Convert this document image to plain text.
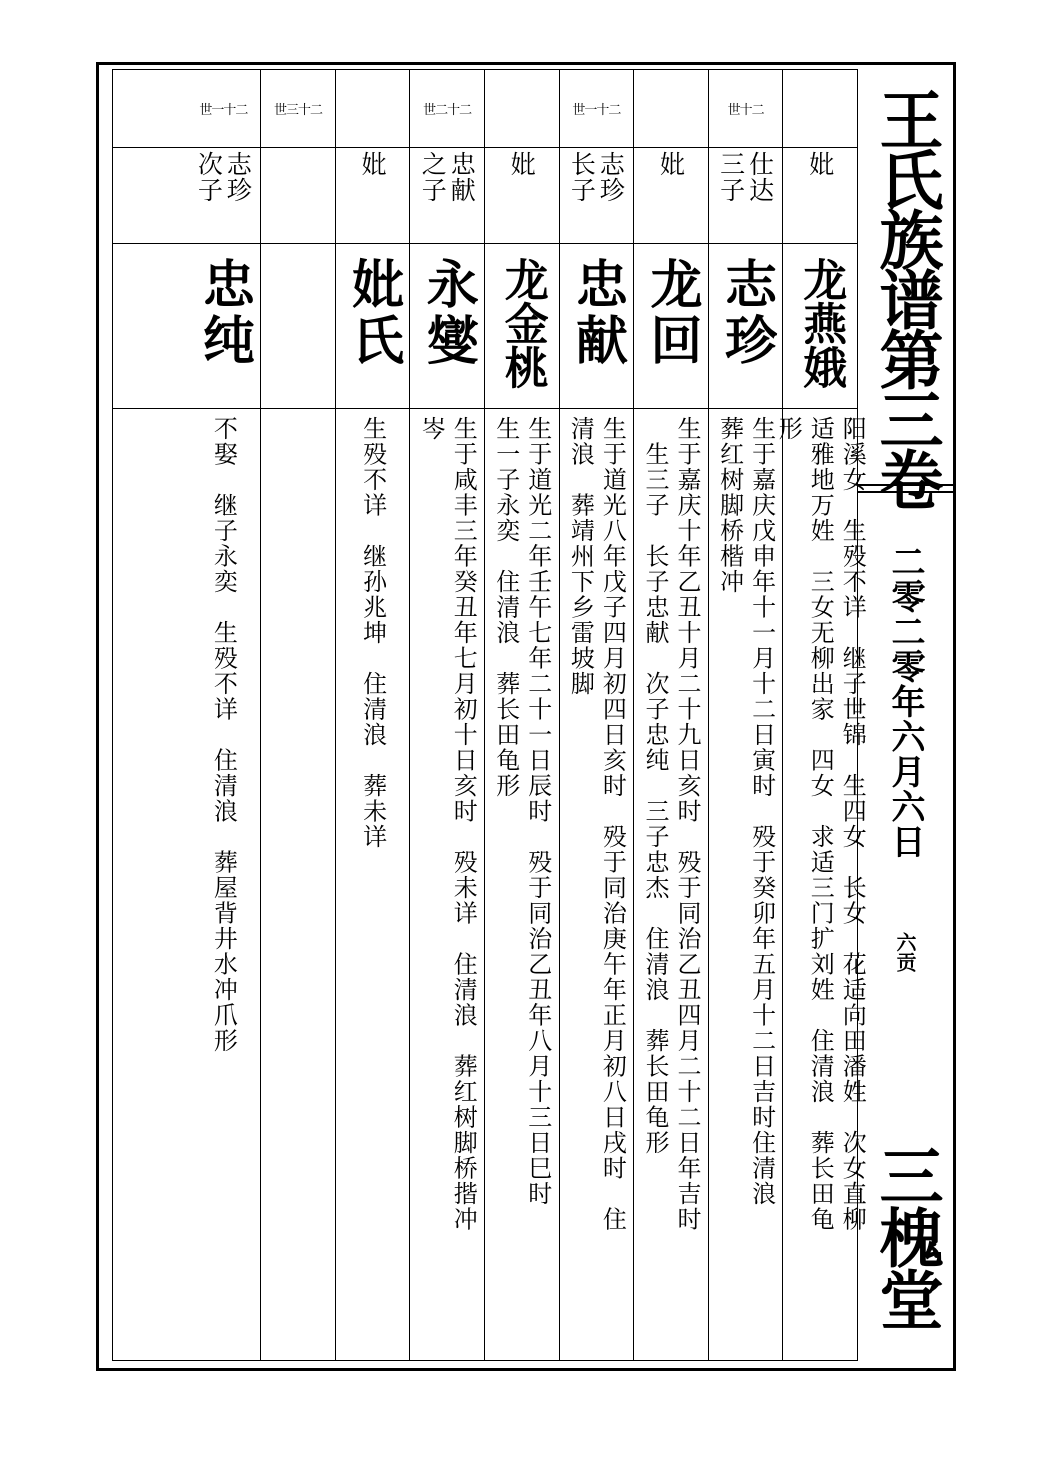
妣
龙燕娥
阳溪女　生殁不详　继子世锦　生四女　长女　花适向田潘姓　次女直柳
适雅地万姓　三女无柳出家　四女　求适三门扩刘姓　住清浪　葬长田龟
形
世十二
仕达
三子
志珍
生于嘉庆戊申年十一月十二日寅时　殁于癸卯年五月十二日吉时住清浪
葬红树脚桥楷冲
妣
龙回
生于嘉庆十年乙丑十月二十九日亥时　殁于同治乙丑四月二十二日年吉时
　生三子　长子忠献　次子忠纯　三子忠杰　住清浪　葬长田龟形
世一十二
志珍
长子
忠献
生于道光八年戊子四月初四日亥时　殁于同治庚午年正月初八日戌时　住
清浪　葬靖州下乡雷坡脚
妣
龙金桃
生于道光二年壬午七年二十一日辰时　殁于同治乙丑年八月十三日巳时
生一子永奕　住清浪　葬长田龟形
世二十二
忠献
之子
永燮
生于咸丰三年癸丑年七月初十日亥时　殁未详　住清浪　葬红树脚桥揩冲
岑
妣
妣氏
生殁不详　继孙兆坤　住清浪　葬未详
世三十二
世一十二
志珍
次子
忠纯
不娶　继子永奕　生殁不详　住清浪　葬屋背井水冲爪形
王氏族谱第三卷
二零二零年六月六日
六贡
三槐堂
